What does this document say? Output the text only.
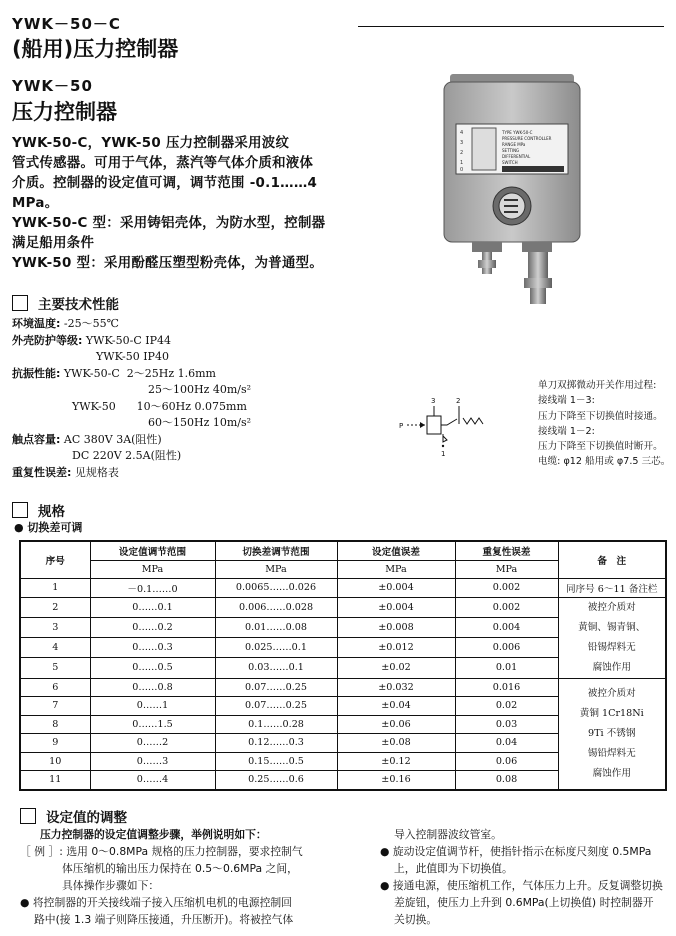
YWK－50－C
(船用)压力控制器
YWK－50
压力控制器
YWK-50-C，YWK-50 压力控制器采用波纹
管式传感器。可用于气体，蒸汽等气体介质和液体
介质。控制器的设定值可调，调节范围 -0.1……4
MPa。
YWK-50-C 型：采用铸铝壳体，为防水型，控制器
满足船用条件
YWK-50 型：采用酚醛压塑型粉壳体，为普通型。
4
3
2
1
0
TYPE YWK-50-C
PRESSURE CONTROLLER
RANGE MPa
SETTING
DIFFERENTIAL
SWITCH
主要技术性能
环境温度: -25～55℃
外壳防护等级: YWK-50-C IP44
YWK-50 IP40
抗振性能: YWK-50-C  2～25Hz 1.6mm
25～100Hz 40m/s²
YWK-50      10～60Hz 0.075mm
60～150Hz 10m/s²
触点容量: AC 380V 3A(阻性)
DC 220V 2.5A(阻性)
重复性误差: 见规格表
3	2
P
1
单刀双掷微动开关作用过程:
接线端 1－3:
压力下降至下切换值时接通。
接线端 1－2:
压力下降至下切换值时断开。
电缆: φ12 船用或 φ7.5 三芯。
规格
● 切换差可调
序号	设定值调节范围	切换差调节范围	设定值误差	重复性误差	备　注
	MPa	MPa	MPa	MPa	
1	－0.1……0	0.0065……0.026	±0.004	0.002	同序号 6～11 备注栏
2	0……0.1	0.006……0.028	±0.004	0.002	被控介质对
黄铜、锡青铜、
铅锡焊料无
腐蚀作用

3	0……0.2	0.01……0.08	±0.008	0.004	
4	0……0.3	0.025……0.1	±0.012	0.006	
5	0……0.5	0.03……0.1	±0.02	0.01	
6	0……0.8	0.07……0.25	±0.032	0.016	被控介质对
黄铜 1Cr18Ni
9Ti 不锈钢
锡铅焊料无
腐蚀作用

7	0……1	0.07……0.25	±0.04	0.02	
8	0……1.5	0.1……0.28	±0.06	0.03	
9	0……2	0.12……0.3	±0.08	0.04	
10	0……3	0.15……0.5	±0.12	0.06	
11	0……4	0.25……0.6	±0.16	0.08	
设定值的调整
压力控制器的设定值调整步骤，举例说明如下：
［ 例 ］: 选用 0～0.8MPa 规格的压力控制器，要求控制气
体压缩机的输出压力保持在 0.5～0.6MPa 之间，
具体操作步骤如下：
● 将控制器的开关接线端子接入压缩机电机的电源控制回
路中(接 1.3 端子则降压接通，升压断开)。将被控气体
导入控制器波纹管室。
● 旋动设定值调节杆，使指针指示在标度尺刻度 0.5MPa
上，此值即为下切换值。
● 接通电源，使压缩机工作，气体压力上升。反复调整切换
差旋钮，使压力上升到 0.6MPa(上切换值) 时控制器开
关切换。
